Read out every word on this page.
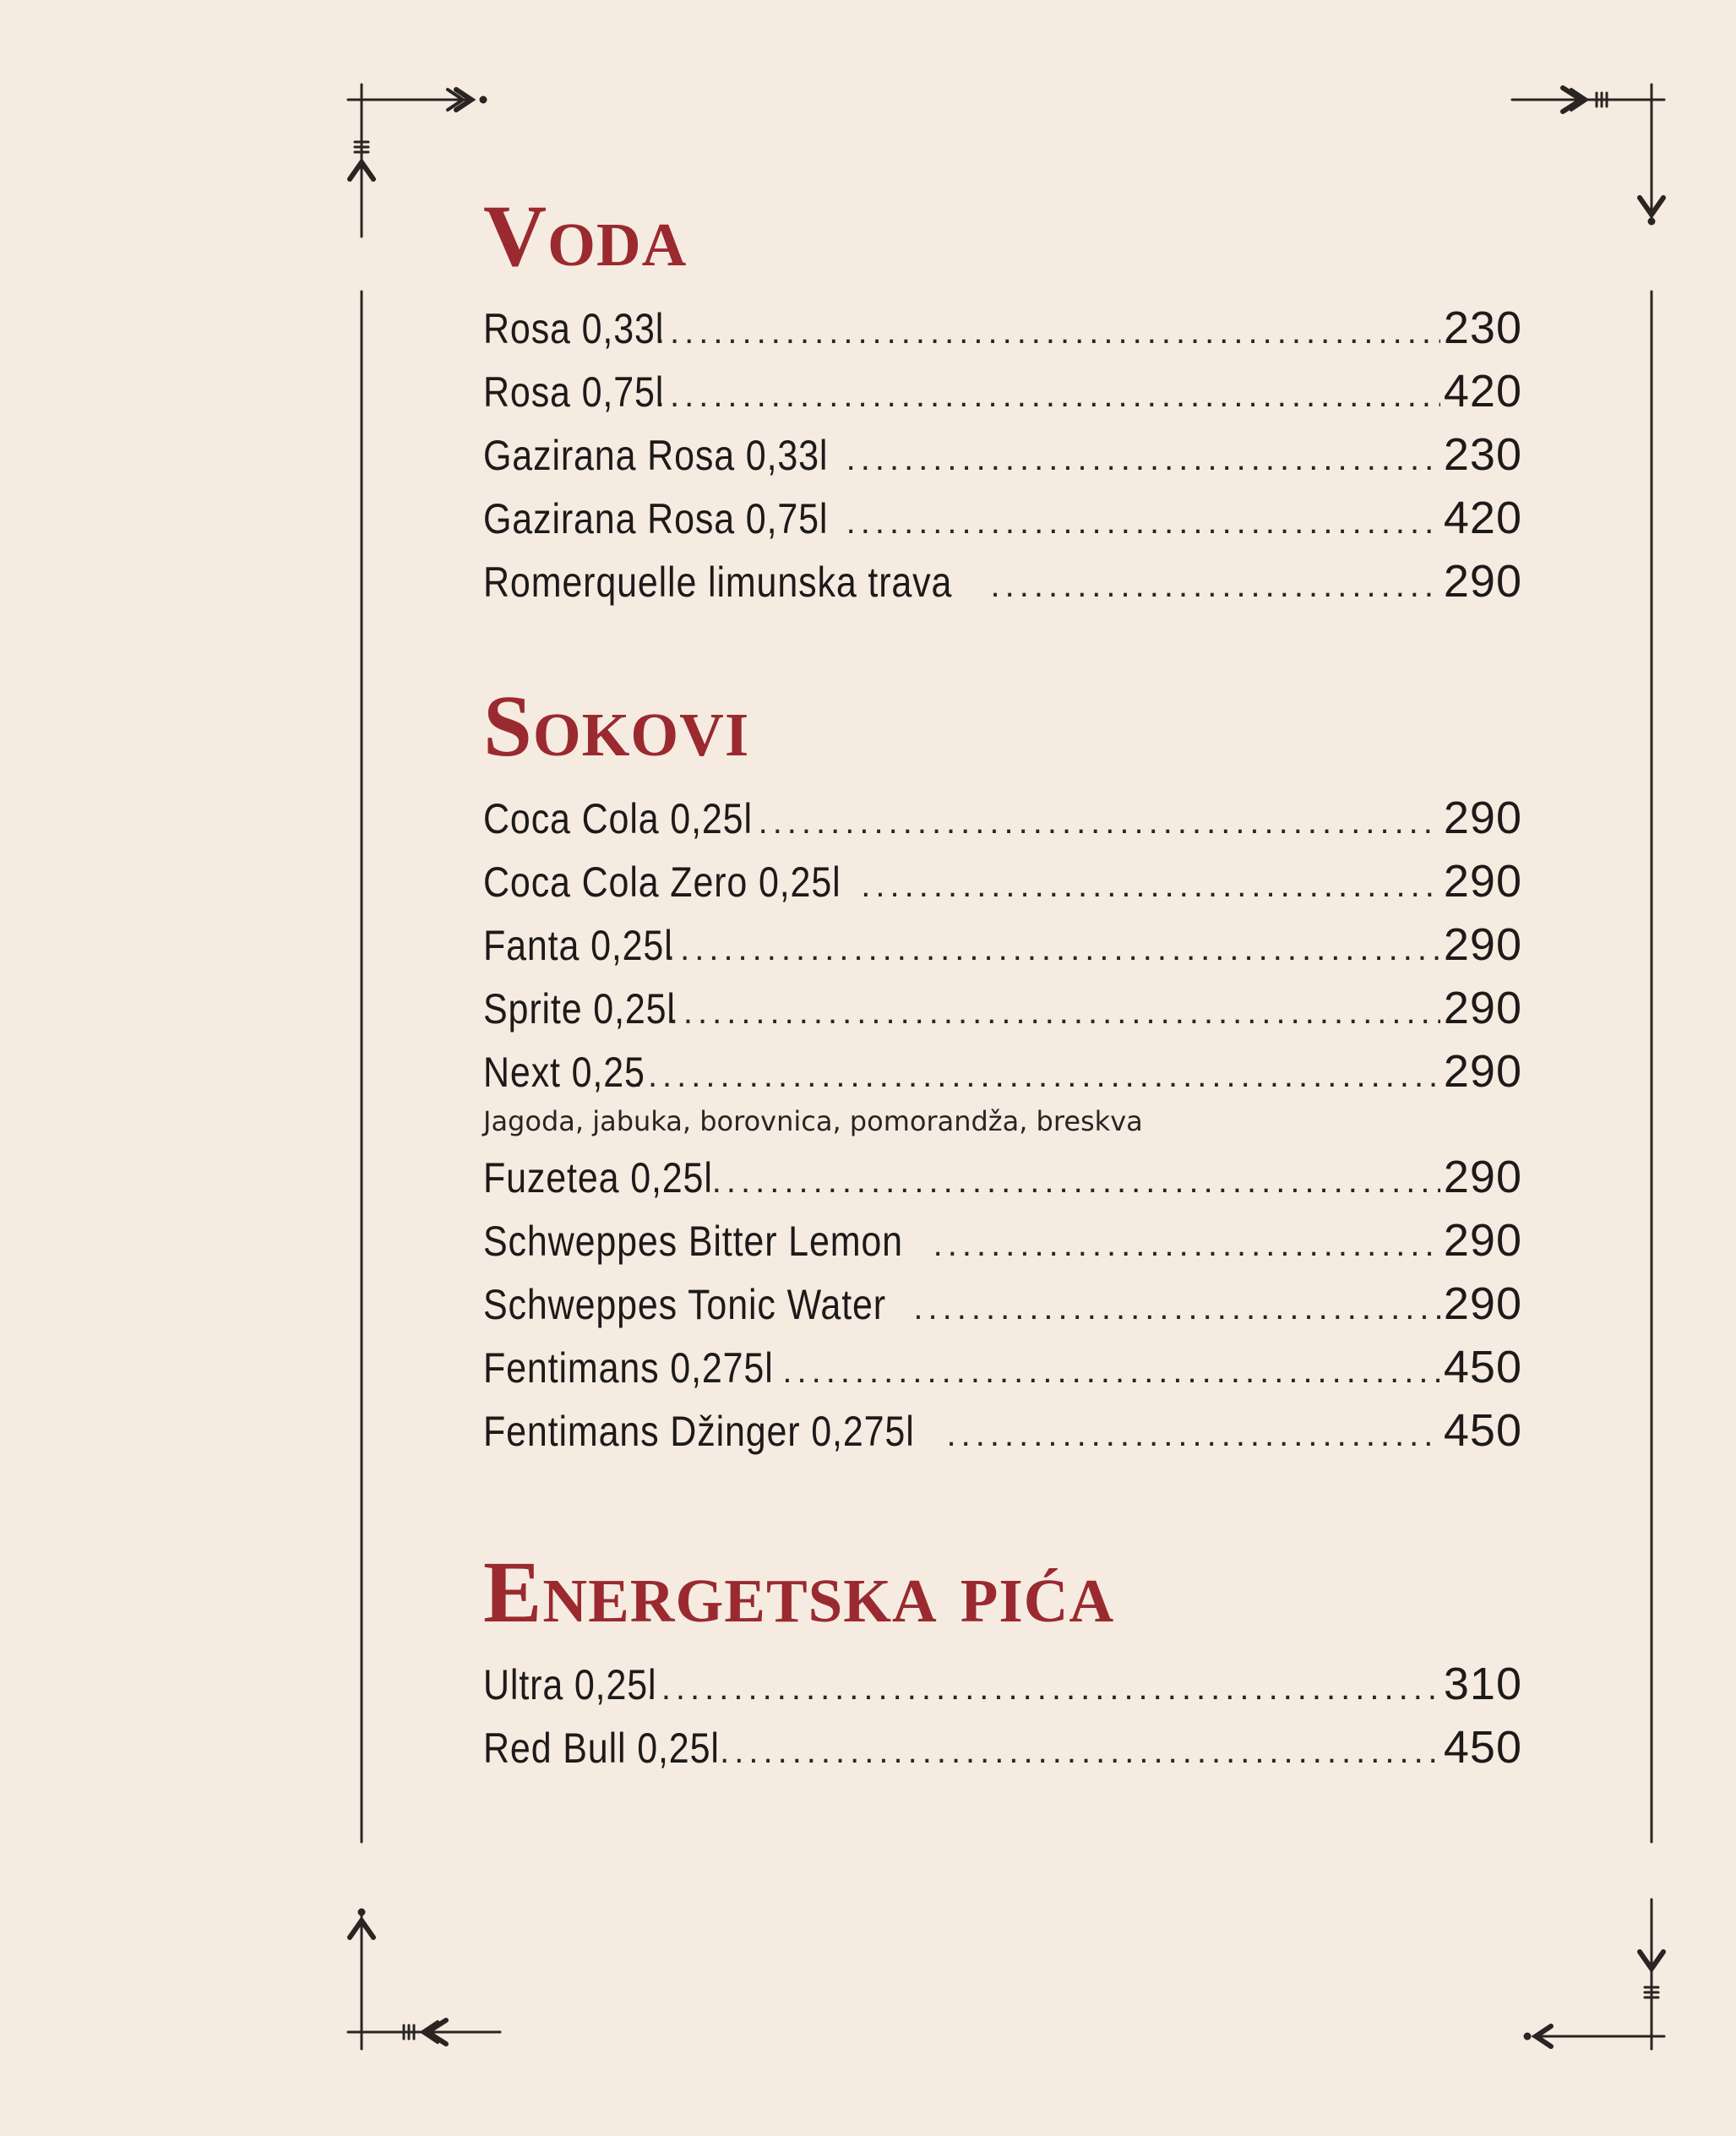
Voda
Rosa 0,33l .....	230
Rosa 0,75l .....	420
Gazirana Rosa 0,33l .....	230
Gazirana Rosa 0,75l .....	420
Romerquelle limunska trava .....	290
Sokovi
Coca Cola 0,25l .....	290
Coca Cola Zero 0,25l .....	290
Fanta 0,25l .....	290
Sprite 0,25l .....	290
Next 0,25 .....	290
Jagoda, jabuka, borovnica, pomorandža, breskva
Fuzetea 0,25l .....	290
Schweppes Bitter Lemon .....	290
Schweppes Tonic Water .....	290
Fentimans 0,275l .....	450
Fentimans Džinger 0,275l .....	450
Energetska pića
Ultra 0,25l .....	310
Red Bull 0,25l .....	450
